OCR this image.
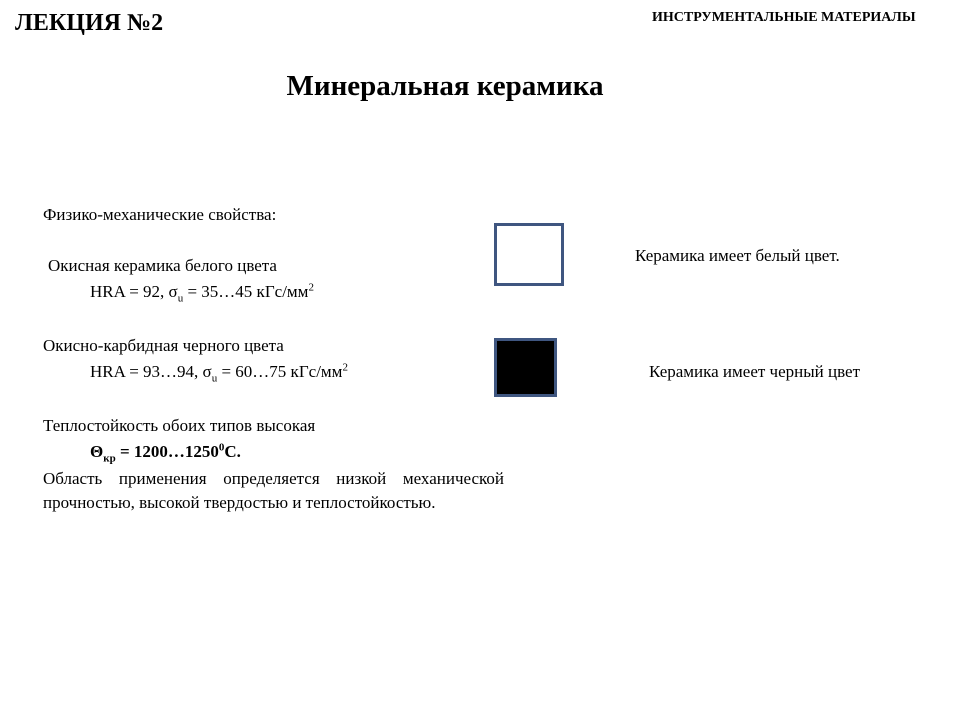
ЛЕКЦИЯ №2	ИНСТРУМЕНТАЛЬНЫЕ МАТЕРИАЛЫ
Минеральная керамика
Физико-механические свойства:
Окисная керамика белого цвета
HRA = 92, $\sigma_u$ = 35…45 кГс/$мм^2$
Окисно-карбидная черного цвета
HRA = 93…94, $\sigma_u$ = 60…75 кГс/$мм^2$
Теплостойкость обоих типов высокая
$\Theta_{кр}$ = $1200\dots 1250^0С$.
Область применения определяется низкой механической прочностью, высокой твердостью и теплостойкостью.
Керамика имеет белый цвет.
Керамика имеет черный цвет
